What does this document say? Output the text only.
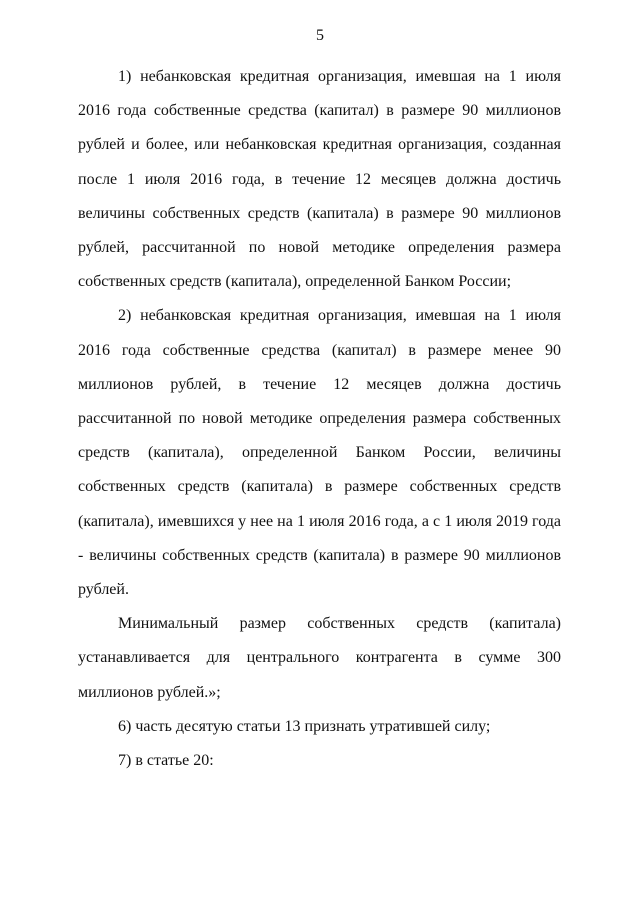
5

1) небанковская кредитная организация, имевшая на 1 июля 2016 года собственные средства (капитал) в размере 90 миллионов рублей и более, или небанковская кредитная организация, созданная после 1 июля 2016 года, в течение 12 месяцев должна достичь величины собственных средств (капитала) в размере 90 миллионов рублей, рассчитанной по новой методике определения размера собственных средств (капитала), определенной Банком России;

2) небанковская кредитная организация, имевшая на 1 июля 2016 года собственные средства (капитал) в размере менее 90 миллионов рублей, в течение 12 месяцев должна достичь рассчитанной по новой методике определения размера собственных средств (капитала), определенной Банком России, величины собственных средств (капитала) в размере собственных средств (капитала), имевшихся у нее на 1 июля 2016 года, а с 1 июля 2019 года - величины собственных средств (капитала) в размере 90 миллионов рублей.

Минимальный размер собственных средств (капитала) устанавливается для центрального контрагента в сумме 300 миллионов рублей.»;

6) часть десятую статьи 13 признать утратившей силу;

7) в статье 20:
